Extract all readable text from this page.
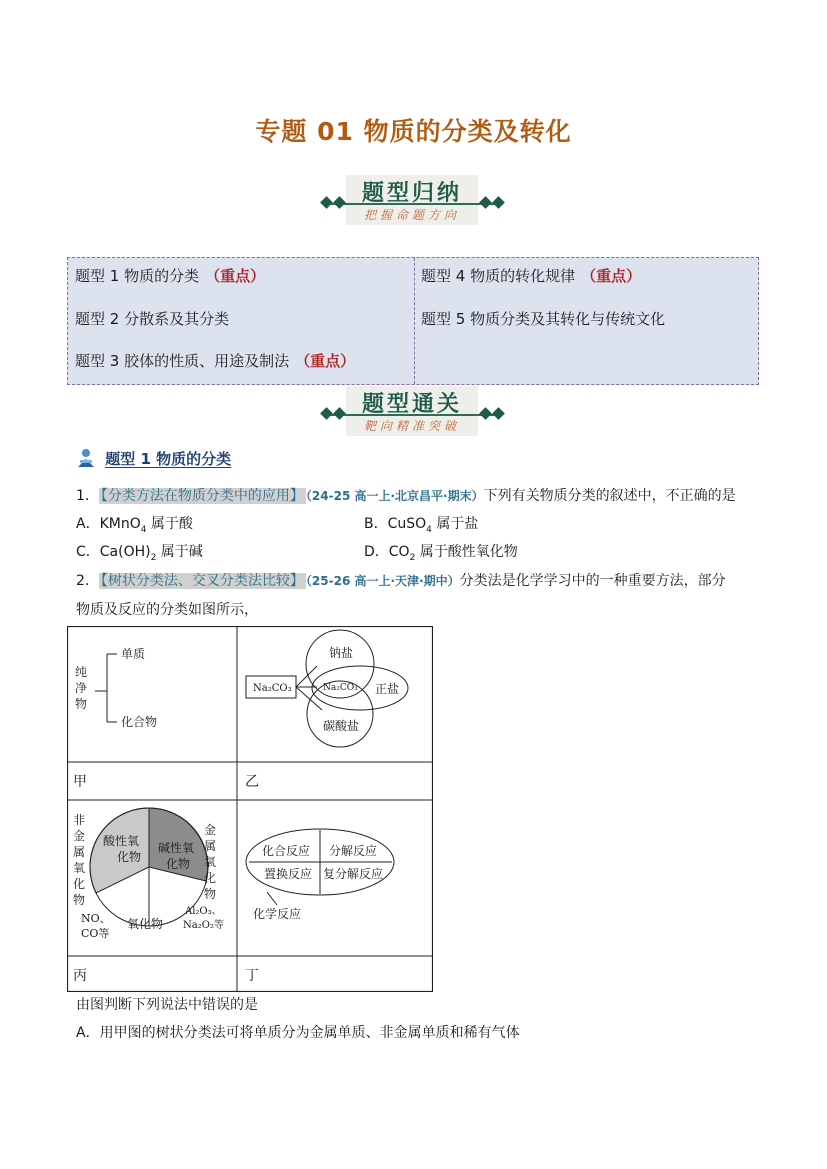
专题 01 物质的分类及转化
题型归纳
把握命题方向
题型 1 物质的分类 （重点）
题型 2 分散系及其分类
题型 3 胶体的性质、用途及制法 （重点）
题型 4 物质的转化规律 （重点）
题型 5 物质分类及其转化与传统文化
题型通关
靶向精准突破
题型 1 物质的分类
1． 【分类方法在物质分类中的应用】 （24-25 高一上·北京昌平·期末）下列有关物质分类的叙述中，不正确的是
A．KMnO$_4$ 属于酸	B．CuSO$_4$ 属于盐
C．$Ca(OH)_2$ 属于碱	D．$CO_2$ 属于酸性氧化物
2． 【树状分类法、交叉分类法比较】 （25-26 高一上·天津·期中）分类法是化学学习中的一种重要方法，部分
物质及反应的分类如图所示，
甲	乙
丙	丁
纯
净
物
单质
化合物
Na₂CO₃
钠盐
正盐
碳酸盐
Na₂CO₃
酸性氧
化物
碱性氧
化物
氧化物
非
金
属
氧
化
物
金
属
氧
化
物
NO、
CO等
Al₂O₃、
Na₂O₂等
化合反应 分解反应
置换反应 复分解反应
化学反应
由图判断下列说法中错误的是
A．用甲图的树状分类法可将单质分为金属单质、非金属单质和稀有气体
